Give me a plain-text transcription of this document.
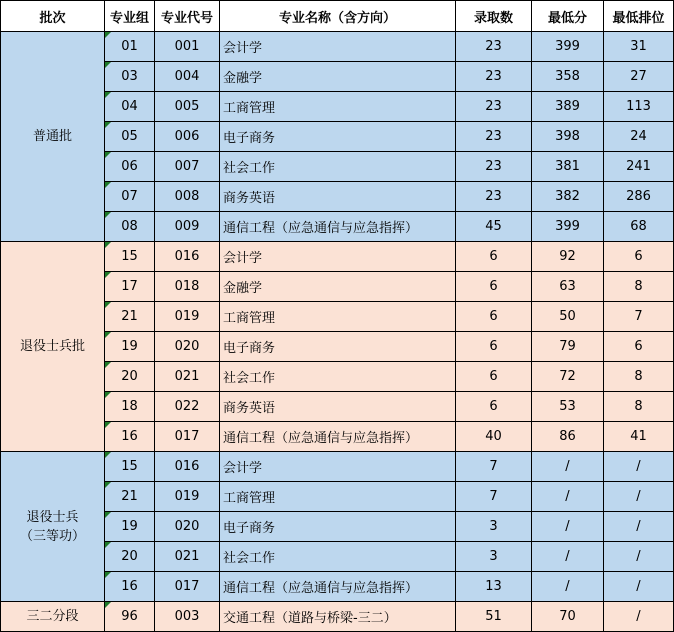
批次	专业组	专业代号	专业名称（含方向）	录取数	最低分	最低排位
普通批	01	001	会计学	23	399	31
	03	004	金融学	23	358	27
	04	005	工商管理	23	389	113
	05	006	电子商务	23	398	24
	06	007	社会工作	23	381	241
	07	008	商务英语	23	382	286
	08	009	通信工程（应急通信与应急指挥）	45	399	68
退役士兵批	15	016	会计学	6	92	6
	17	018	金融学	6	63	8
	21	019	工商管理	6	50	7
	19	020	电子商务	6	79	6
	20	021	社会工作	6	72	8
	18	022	商务英语	6	53	8
	16	017	通信工程（应急通信与应急指挥）	40	86	41
退役士兵
（三等功）	15	016	会计学	7	/	/
	21	019	工商管理	7	/	/
	19	020	电子商务	3	/	/
	20	021	社会工作	3	/	/
	16	017	通信工程（应急通信与应急指挥）	13	/	/
三二分段	96	003	交通工程（道路与桥梁-三二）	51	70	/
